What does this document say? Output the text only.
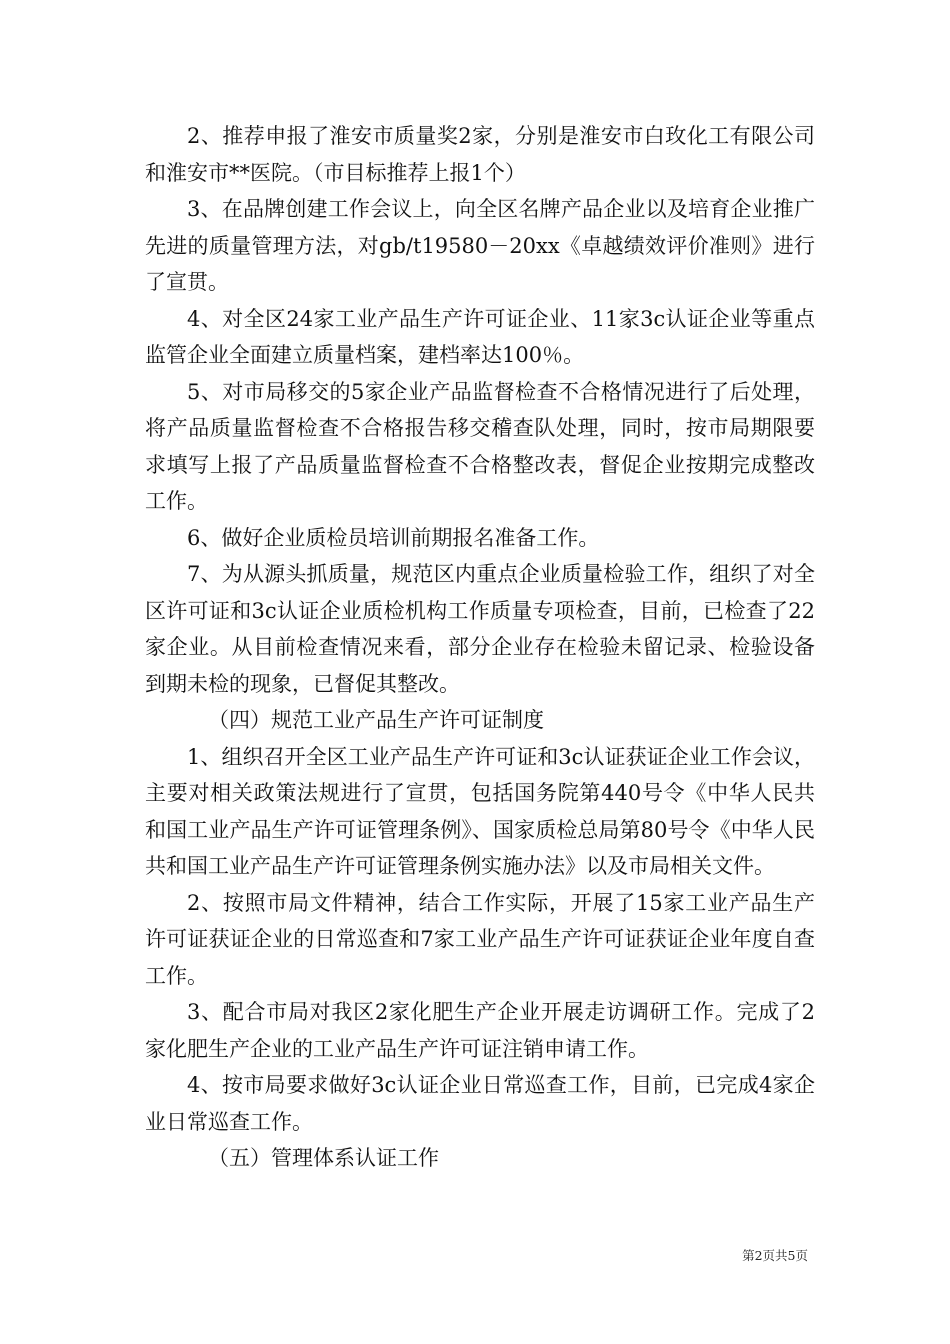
2、推荐申报了淮安市质量奖2家，分别是淮安市白玫化工有限公司和淮安市**医院。（市目标推荐上报1个）

3、在品牌创建工作会议上，向全区名牌产品企业以及培育企业推广先进的质量管理方法，对gb/t19580－20xx《卓越绩效评价准则》进行了宣贯。

4、对全区24家工业产品生产许可证企业、11家3c认证企业等重点监管企业全面建立质量档案，建档率达100％。

5、对市局移交的5家企业产品监督检查不合格情况进行了后处理，将产品质量监督检查不合格报告移交稽查队处理，同时，按市局期限要求填写上报了产品质量监督检查不合格整改表，督促企业按期完成整改工作。

6、做好企业质检员培训前期报名准备工作。

7、为从源头抓质量，规范区内重点企业质量检验工作，组织了对全区许可证和3c认证企业质检机构工作质量专项检查，目前，已检查了22家企业。从目前检查情况来看，部分企业存在检验未留记录、检验设备到期未检的现象，已督促其整改。

（四）规范工业产品生产许可证制度

1、组织召开全区工业产品生产许可证和3c认证获证企业工作会议，主要对相关政策法规进行了宣贯，包括国务院第440号令《中华人民共和国工业产品生产许可证管理条例》、国家质检总局第80号令《中华人民共和国工业产品生产许可证管理条例实施办法》以及市局相关文件。

2、按照市局文件精神，结合工作实际，开展了15家工业产品生产许可证获证企业的日常巡查和7家工业产品生产许可证获证企业年度自查工作。

3、配合市局对我区2家化肥生产企业开展走访调研工作。完成了2家化肥生产企业的工业产品生产许可证注销申请工作。

4、按市局要求做好3c认证企业日常巡查工作，目前，已完成4家企业日常巡查工作。

（五）管理体系认证工作

第2页共5页
